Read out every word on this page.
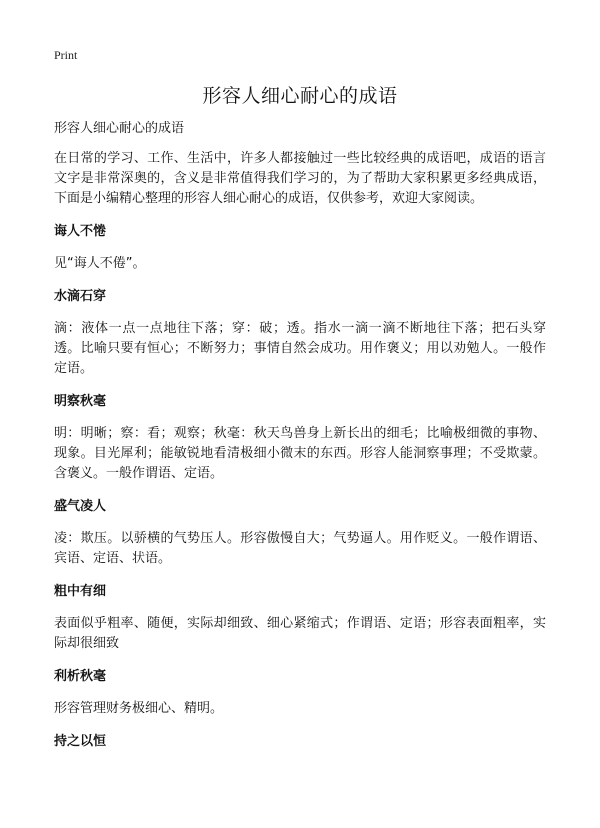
Print
形容人细心耐心的成语

形容人细心耐心的成语

在日常的学习、工作、生活中，许多人都接触过一些比较经典的成语吧，成语的语言文字是非常深奥的，含义是非常值得我们学习的，为了帮助大家积累更多经典成语，下面是小编精心整理的形容人细心耐心的成语，仅供参考，欢迎大家阅读。

诲人不惓

见“诲人不倦”。

水滴石穿

滴：液体一点一点地往下落；穿：破；透。指水一滴一滴不断地往下落；把石头穿透。比喻只要有恒心；不断努力；事情自然会成功。用作褒义；用以劝勉人。一般作定语。

明察秋毫

明：明晰；察：看；观察；秋毫：秋天鸟兽身上新长出的细毛；比喻极细微的事物、现象。目光犀利；能敏锐地看清极细小微末的东西。形容人能洞察事理；不受欺蒙。含褒义。一般作谓语、定语。

盛气凌人

凌：欺压。以骄横的气势压人。形容傲慢自大；气势逼人。用作贬义。一般作谓语、宾语、定语、状语。

粗中有细

表面似乎粗率、随便，实际却细致、细心紧缩式；作谓语、定语；形容表面粗率，实际却很细致

利析秋毫

形容管理财务极细心、精明。

持之以恒
